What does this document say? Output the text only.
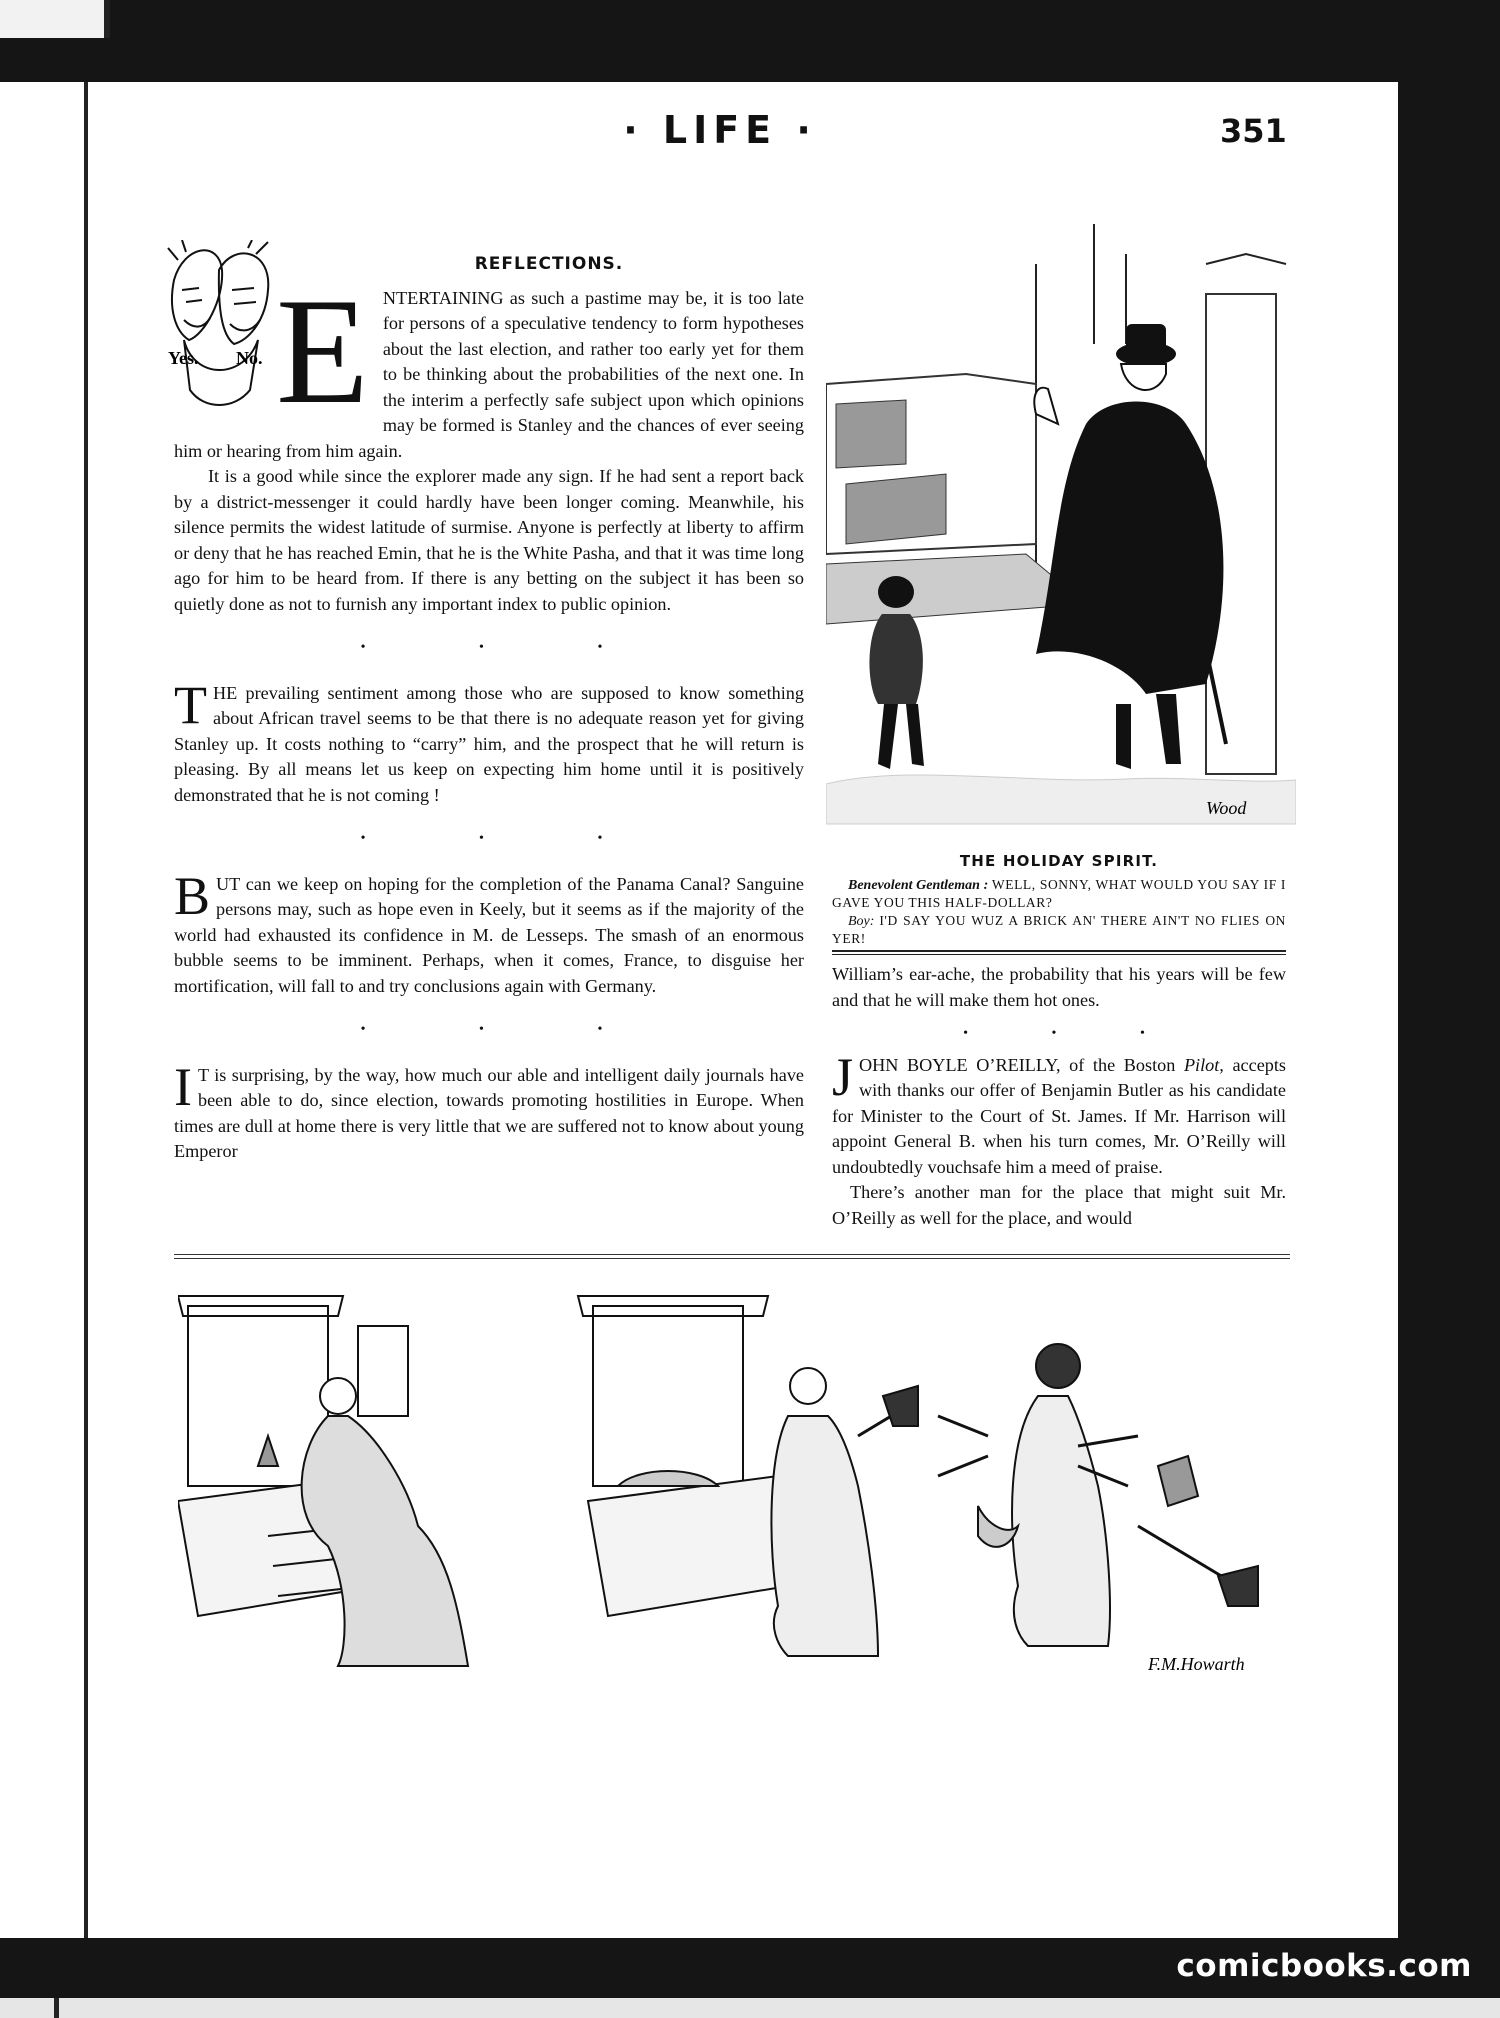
· LIFE ·	351
Yes. No.
REFLECTIONS.

ENTERTAINING as such a pastime may be, it is too late for persons of a speculative tendency to form hypotheses about the last election, and rather too early yet for them to be thinking about the probabilities of the next one. In the interim a perfectly safe subject upon which opinions may be formed is Stanley and the chances of ever seeing him or hearing from him again.

It is a good while since the explorer made any sign. If he had sent a report back by a district-messenger it could hardly have been longer coming. Meanwhile, his silence permits the widest latitude of surmise. Anyone is perfectly at liberty to affirm or deny that he has reached Emin, that he is the White Pasha, and that it was time long ago for him to be heard from. If there is any betting on the subject it has been so quietly done as not to furnish any important index to public opinion.

• • •

THE prevailing sentiment among those who are supposed to know something about African travel seems to be that there is no adequate reason yet for giving Stanley up. It costs nothing to “carry” him, and the prospect that he will return is pleasing. By all means let us keep on expecting him home until it is positively demonstrated that he is not coming !

• • •

BUT can we keep on hoping for the completion of the Panama Canal? Sanguine persons may, such as hope even in Keely, but it seems as if the majority of the world had exhausted its confidence in M. de Lesseps. The smash of an enormous bubble seems to be imminent. Perhaps, when it comes, France, to disguise her mortification, will fall to and try conclusions again with Germany.

• • •

I T is surprising, by the way, how much our able and intelligent daily journals have been able to do, since election, towards promoting hostilities in Europe. When times are dull at home there is very little that we are suffered not to know about young Emperor

Wood
THE HOLIDAY SPIRIT.
Benevolent Gentleman : WELL, SONNY, WHAT WOULD YOU SAY IF I GAVE YOU THIS HALF-DOLLAR?
Boy: I'D SAY YOU WUZ A BRICK AN' THERE AIN'T NO FLIES ON YER!

William’s ear-ache, the probability that his years will be few and that he will make them hot ones.

• • •

JOHN BOYLE O’REILLY, of the Boston Pilot, accepts with thanks our offer of Benjamin Butler as his candidate for Minister to the Court of St. James. If Mr. Harrison will appoint General B. when his turn comes, Mr. O’Reilly will undoubtedly vouchsafe him a meed of praise.

There’s another man for the place that might suit Mr. O’Reilly as well for the place, and would

F.M.Howarth
comicbooks.com
